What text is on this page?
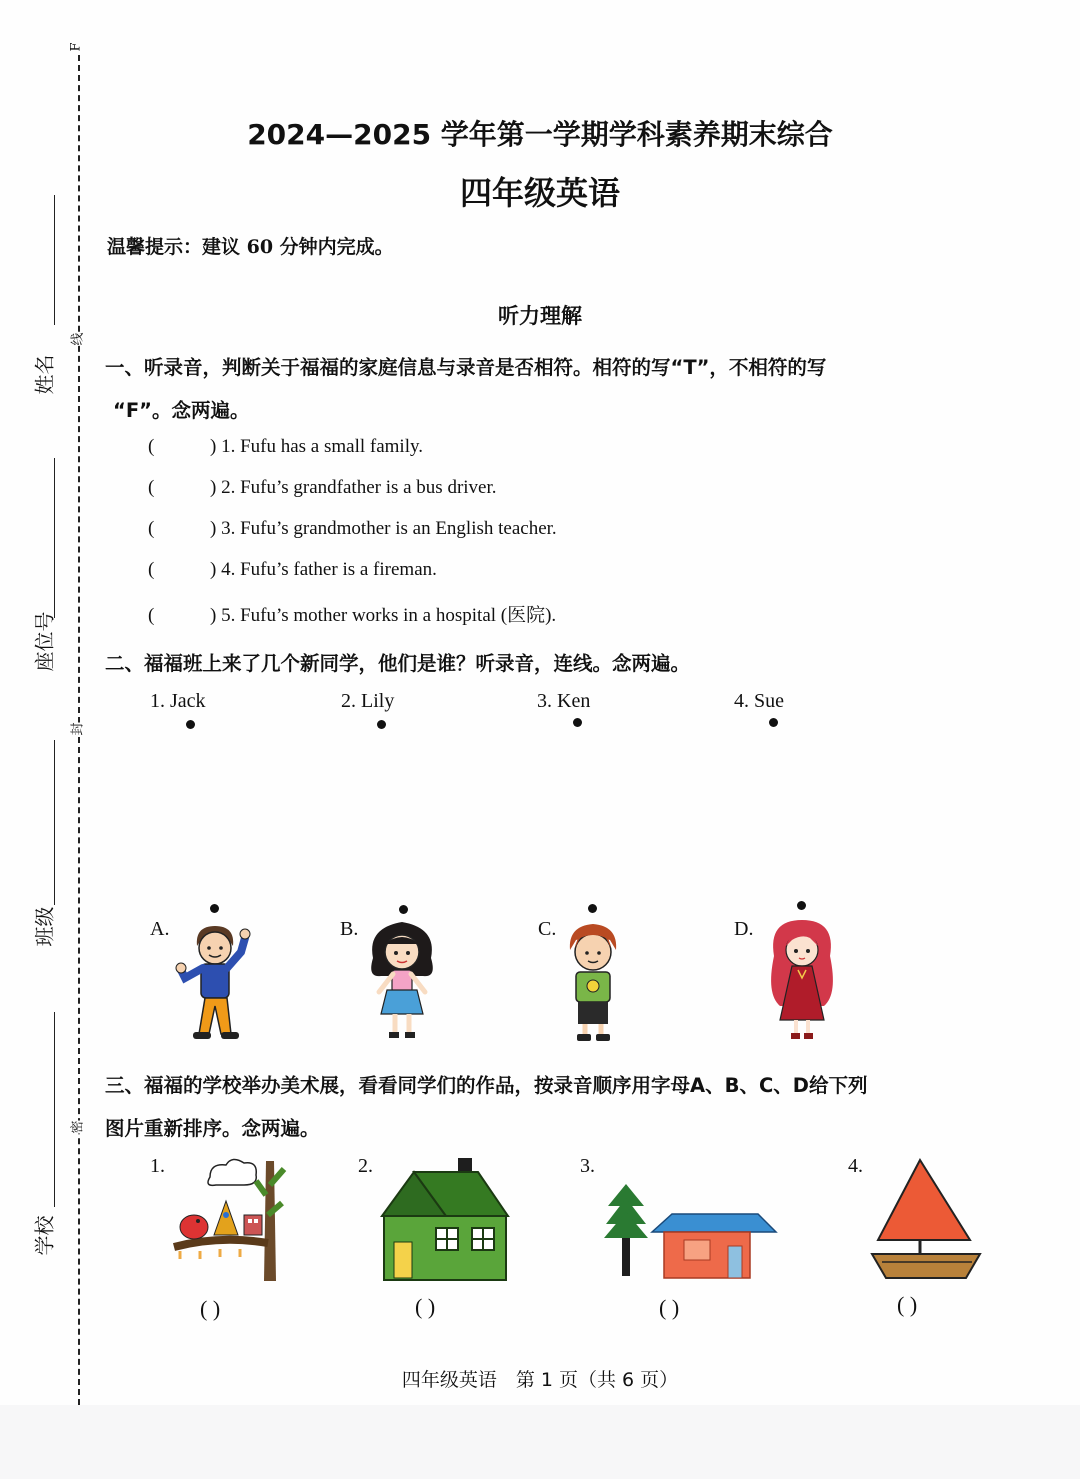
F
线
封
密
姓名
座位号
班级
学校
2024—2025 学年第一学期学科素养期末综合
四年级英语
温馨提示：建议 60 分钟内完成。
听力理解
一、听录音，判断关于福福的家庭信息与录音是否相符。相符的写“T”，不相符的写
“F”。念两遍。
(	) 1. Fufu has a small family.
(	) 2. Fufu’s grandfather is a bus driver.
(	) 3. Fufu’s grandmother is an English teacher.
(	) 4. Fufu’s father is a fireman.
(	) 5. Fufu’s mother works in a hospital (医院).
二、福福班上来了几个新同学，他们是谁？听录音，连线。念两遍。
1. Jack	2. Lily	3. Ken	4. Sue
A.	B.	C.	D.
三、福福的学校举办美术展，看看同学们的作品，按录音顺序用字母A、B、C、D给下列
图片重新排序。念两遍。
1.	2.	3.	4.
( )	( )	( )	( )
四年级英语　第 1 页（共 6 页）
